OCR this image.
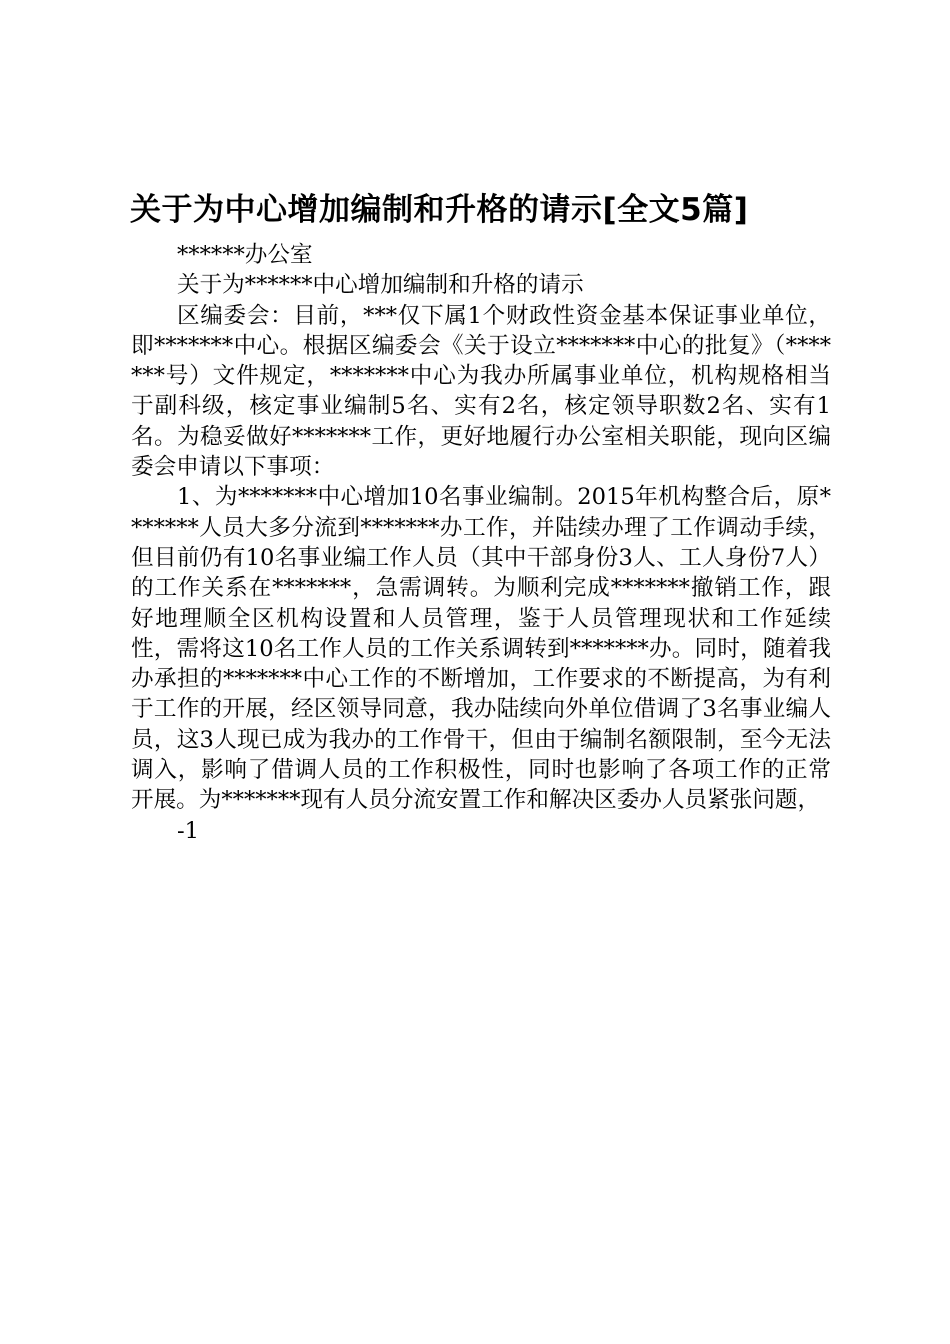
关于为中心增加编制和升格的请示[全文5篇]

******办公室

关于为******中心增加编制和升格的请示

区编委会：目前，***仅下属1个财政性资金基本保证事业单位，即*******中心。根据区编委会《关于设立*******中心的批复》（*******号）文件规定，*******中心为我办所属事业单位，机构规格相当于副科级，核定事业编制5名、实有2名，核定领导职数2名、实有1名。为稳妥做好*******工作，更好地履行办公室相关职能，现向区编委会申请以下事项：

1、为*******中心增加10名事业编制。2015年机构整合后，原*******人员大多分流到*******办工作，并陆续办理了工作调动手续，但目前仍有10名事业编工作人员（其中干部身份3人、工人身份7人）的工作关系在*******，急需调转。为顺利完成*******撤销工作，跟好地理顺全区机构设置和人员管理，鉴于人员管理现状和工作延续性，需将这10名工作人员的工作关系调转到*******办。同时，随着我办承担的*******中心工作的不断增加，工作要求的不断提高，为有利于工作的开展，经区领导同意，我办陆续向外单位借调了3名事业编人员，这3人现已成为我办的工作骨干，但由于编制名额限制，至今无法调入，影响了借调人员的工作积极性，同时也影响了各项工作的正常开展。为*******现有人员分流安置工作和解决区委办人员紧张问题，

-1
